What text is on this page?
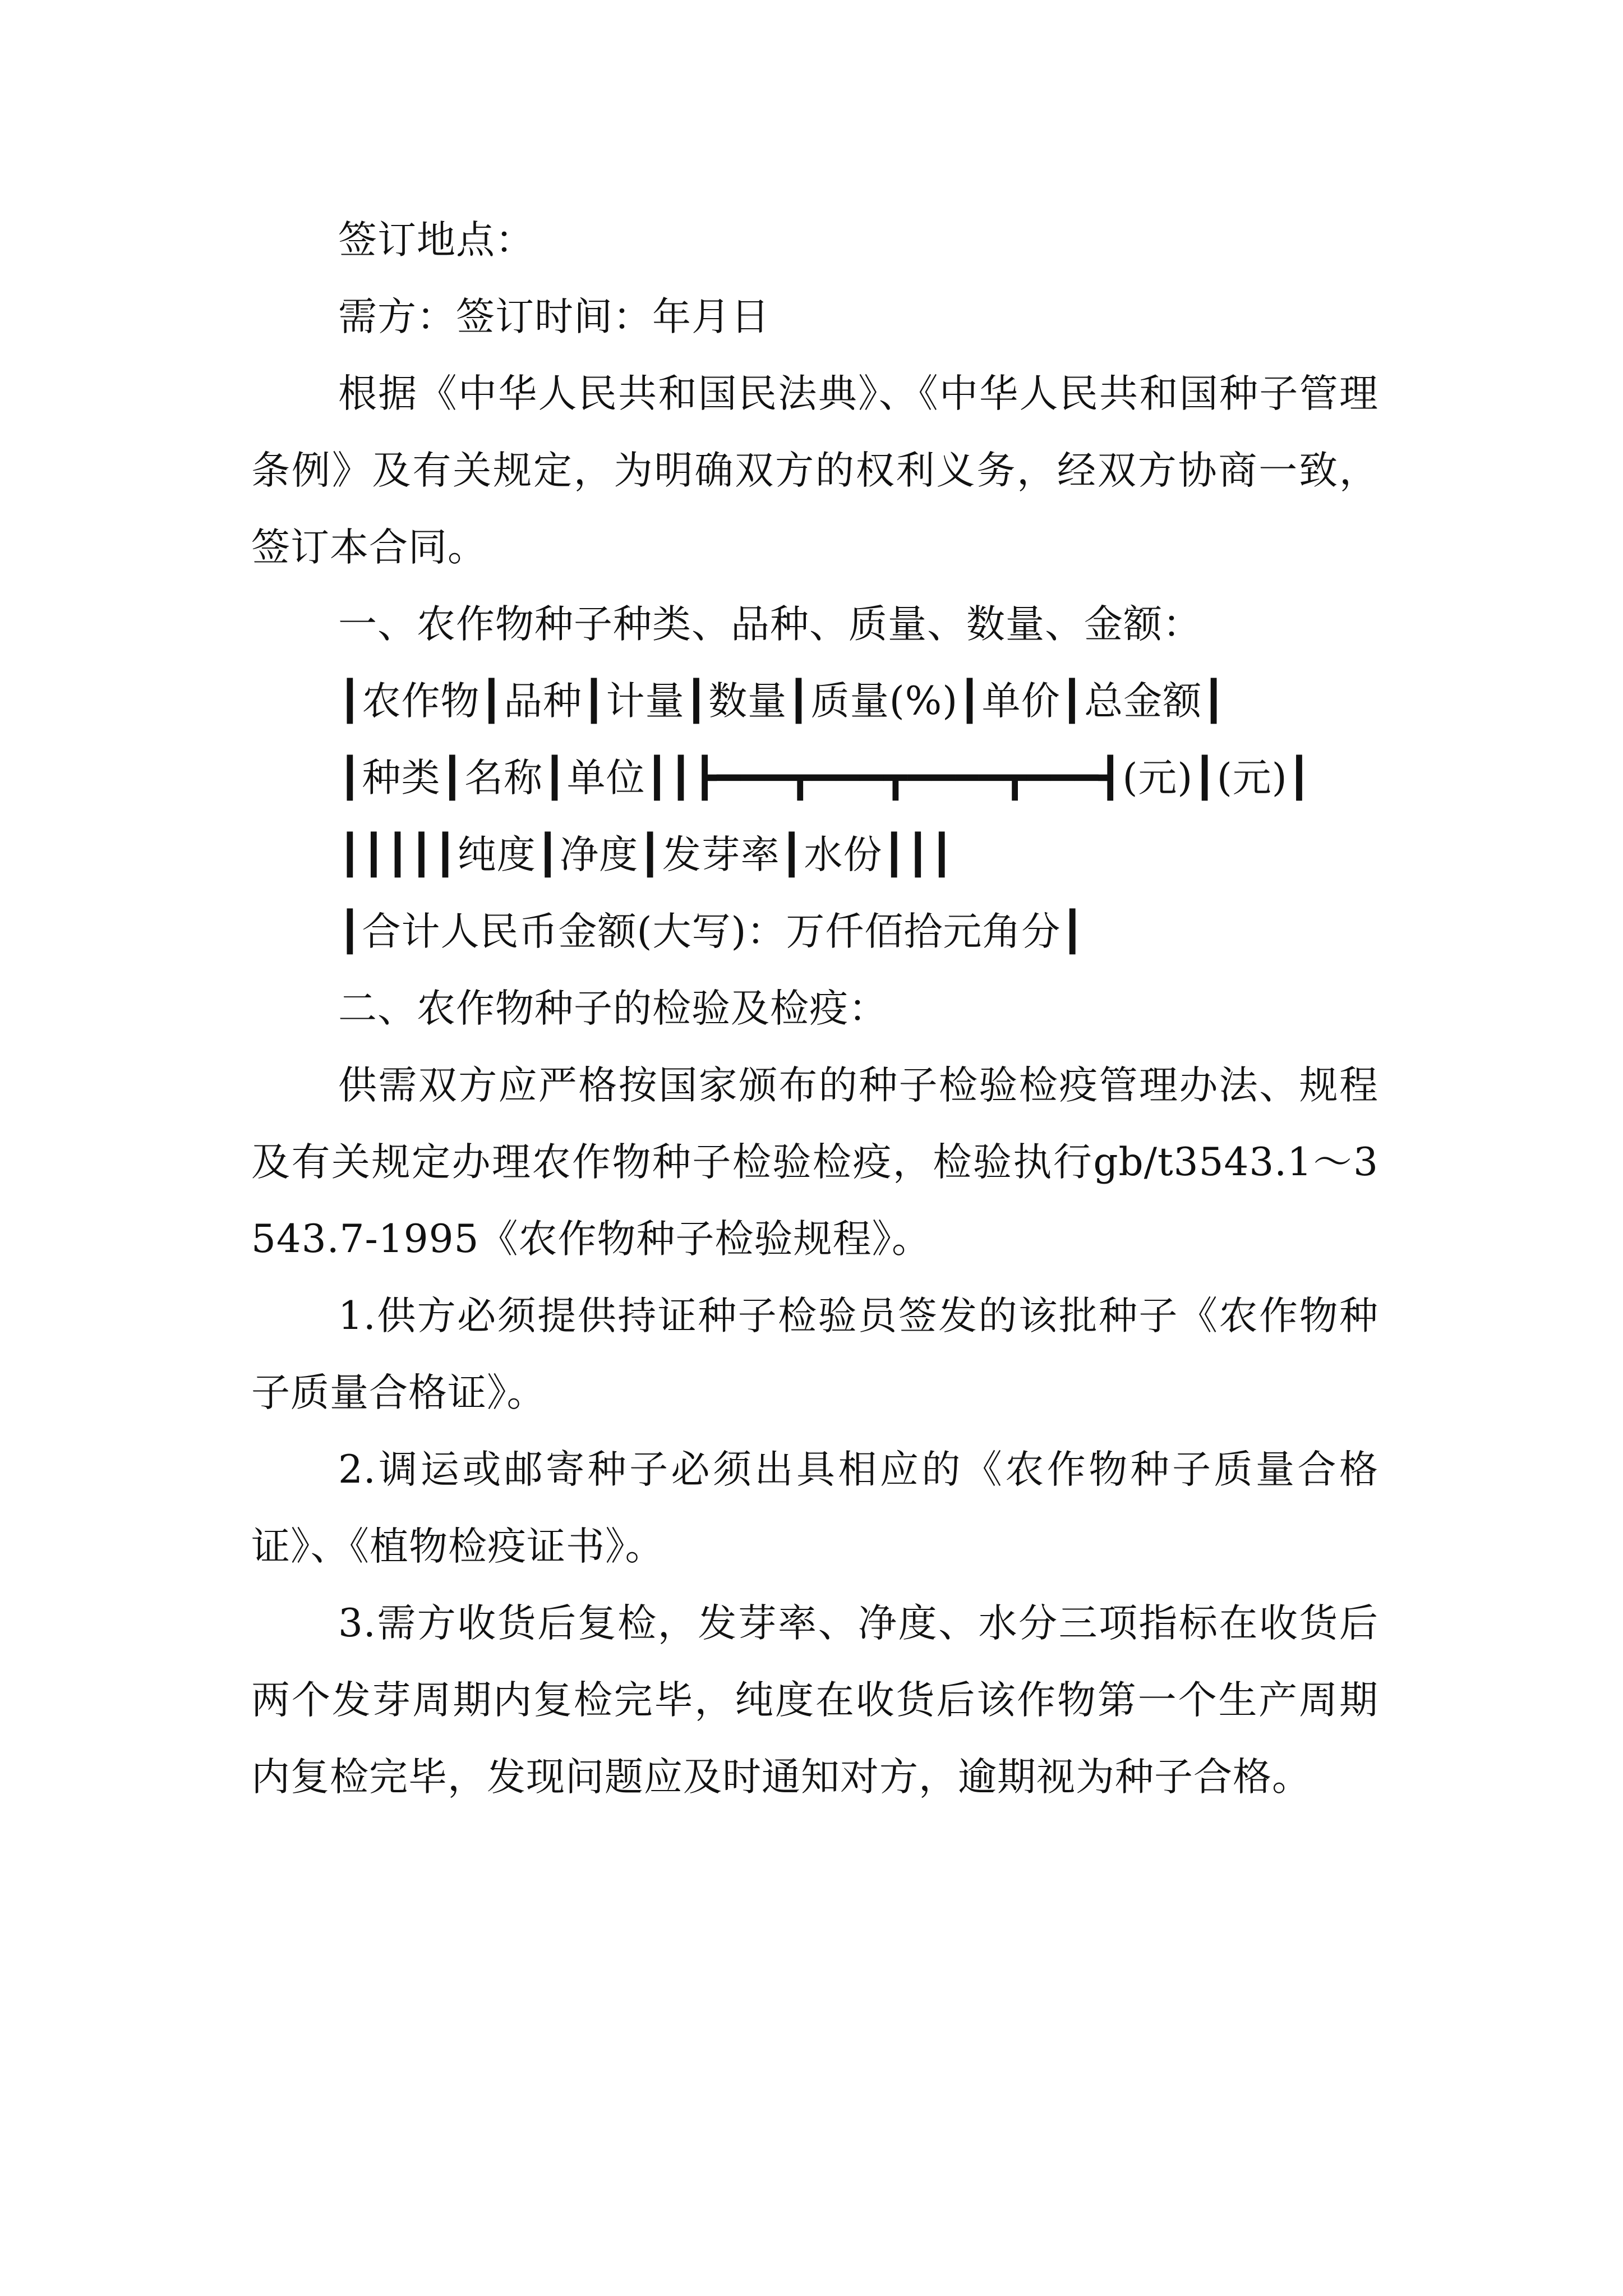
签订地点：

需方：签订时间：年月日

根据《中华人民共和国民法典》、《中华人民共和国种子管理条例》及有关规定，为明确双方的权利义务，经双方协商一致，签订本合同。

一、农作物种子种类、品种、质量、数量、金额：

┃农作物┃品种┃计量┃数量┃质量(%)┃单价┃总金额┃

┃种类┃名称┃单位┃┃┣━━━┳━━━┳━━━━┳━━━┫(元)┃(元)┃

┃┃┃┃┃纯度┃净度┃发芽率┃水份┃┃┃

┃合计人民币金额(大写)：万仟佰拾元角分┃

二、农作物种子的检验及检疫：

供需双方应严格按国家颁布的种子检验检疫管理办法、规程及有关规定办理农作物种子检验检疫，检验执行gb/t3543.1～3543.7-1995《农作物种子检验规程》。

1.供方必须提供持证种子检验员签发的该批种子《农作物种子质量合格证》。

2.调运或邮寄种子必须出具相应的《农作物种子质量合格证》、《植物检疫证书》。

3.需方收货后复检，发芽率、净度、水分三项指标在收货后两个发芽周期内复检完毕，纯度在收货后该作物第一个生产周期内复检完毕，发现问题应及时通知对方，逾期视为种子合格。
